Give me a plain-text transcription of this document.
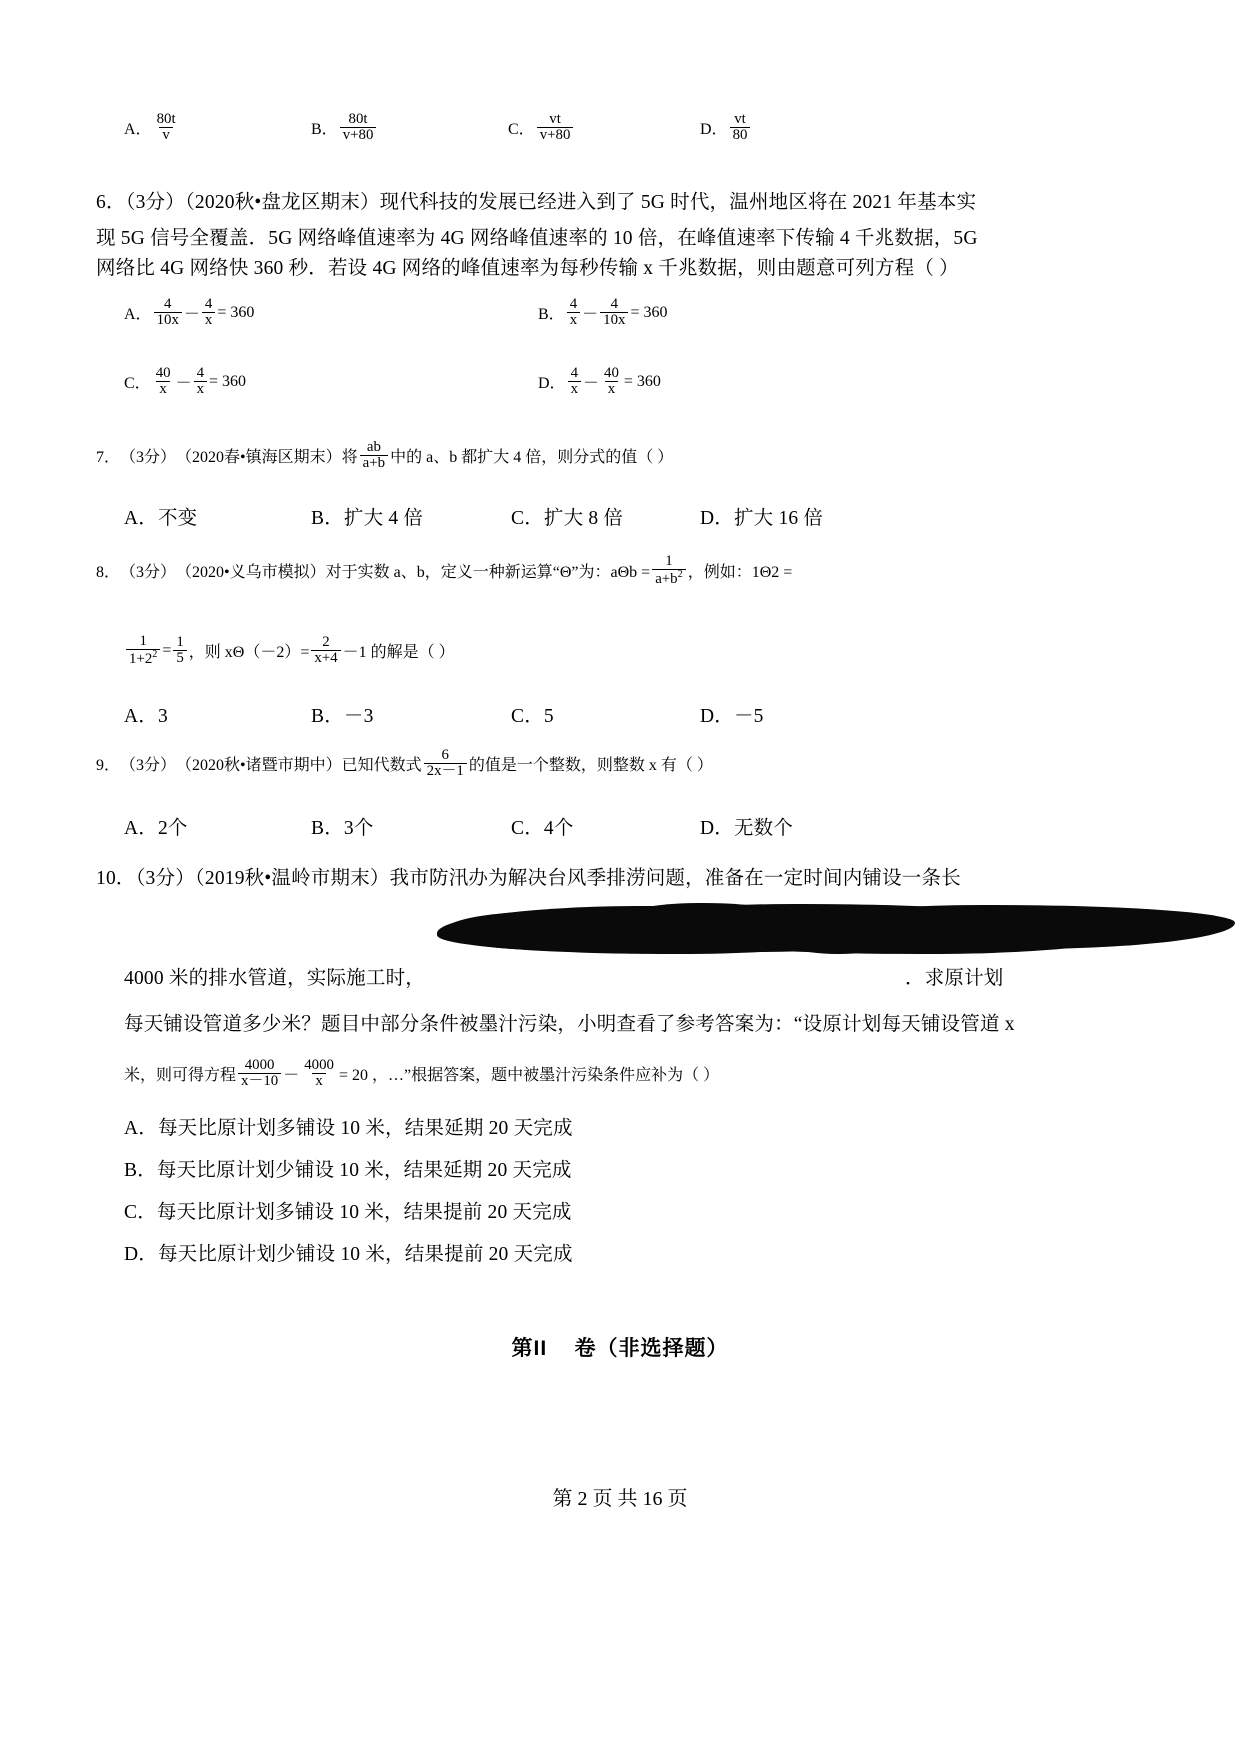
A． $\frac{80t}{v}$	B． $\frac{80t}{v+80}$	C． $\frac{vt}{v+80}$	D． $\frac{vt}{80}$
6．（3分）（2020秋•盘龙区期末）现代科技的发展已经进入到了 5G 时代，温州地区将在 2021 年基本实
现 5G 信号全覆盖．5G 网络峰值速率为 4G 网络峰值速率的 10 倍，在峰值速率下传输 4 千兆数据，5G
网络比 4G 网络快 360 秒．若设 4G 网络的峰值速率为每秒传输 x 千兆数据，则由题意可列方程（ ）
A． $\frac{4}{10x} - \frac{4}{x} = 360$	B． $\frac{4}{x} - \frac{4}{10x} = 360$
C． $\frac{40}{x} - \frac{4}{x} = 360$	D． $\frac{4}{x} - \frac{40}{x} = 360$
7． （3分） （2020春•镇海区期末） 将 $\frac{ab}{a+b}$ 中的 a、b 都扩大 4 倍，则分式的值（ ）
A．不变	B．扩大 4 倍	C．扩大 8 倍	D．扩大 16 倍
8． （3分） （2020•义乌市模拟） 对于实数 a、b，定义一种新运算“Θ”为：$a\Theta b = \frac{1}{a+b^2}$ ，例如：1Θ2 =
$\frac{1}{1+2^2} = \frac{1}{5}$ ，则 $x\Theta(-2)= \frac{2}{x+4} -1$ 的解是（ ）
A．3	B．－3	C．5	D．－5
9． （3分） （2020秋•诸暨市期中） 已知代数式 $\frac{6}{2x-1}$ 的值是一个整数，则整数 x 有（ ）
A．2个	B．3个	C．4个	D．无数个
10．（3分）（2019秋•温岭市期末）我市防汛办为解决台风季排涝问题，准备在一定时间内铺设一条长
4000 米的排水管道，实际施工时，	．求原计划
每天铺设管道多少米？题目中部分条件被墨汁污染，小明查看了参考答案为：“设原计划每天铺设管道 x
米，则可得方程 $\frac{4000}{x-10} - \frac{4000}{x} = 20$ ，…”根据答案，题中被墨汁污染条件应补为（ ）
A．每天比原计划多铺设 10 米，结果延期 20 天完成
B．每天比原计划少铺设 10 米，结果延期 20 天完成
C．每天比原计划多铺设 10 米，结果提前 20 天完成
D．每天比原计划少铺设 10 米，结果提前 20 天完成
第II 卷（非选择题）
第 2 页 共 16 页
